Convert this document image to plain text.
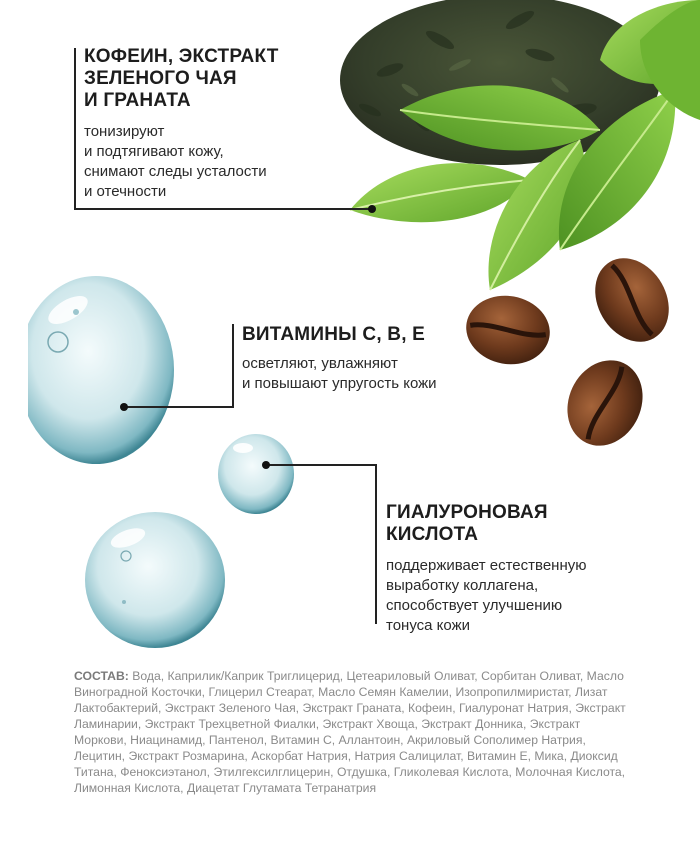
КОФЕИН, ЭКСТРАКТ
ЗЕЛЕНОГО ЧАЯ
И ГРАНАТА
тонизируют
и подтягивают кожу,
снимают следы усталости
и отечности
ВИТАМИНЫ С, В, Е
осветляют, увлажняют
и повышают упругость кожи
ГИАЛУРОНОВАЯ
КИСЛОТА
поддерживает естественную
выработку коллагена,
способствует улучшению
тонуса кожи
СОСТАВ: Вода, Каприлик/Каприк Триглицерид, Цетеариловый Оливат, Сорбитан Оливат, Масло Виноградной Косточки, Глицерил Стеарат, Масло Семян Камелии, Изопропилмиристат, Лизат Лактобактерий, Экстракт Зеленого Чая, Экстракт Граната, Кофеин, Гиалуронат Натрия, Экстракт Ламинарии, Экстракт Трехцветной Фиалки, Экстракт Хвоща, Экстракт Донника, Экстракт Моркови, Ниацинамид, Пантенол, Витамин С, Аллантоин, Акриловый Сополимер Натрия, Лецитин, Экстракт Розмарина, Аскорбат Натрия, Натрия Салицилат, Витамин Е, Мика, Диоксид Титана, Феноксиэтанол, Этилгексилглицерин, Отдушка, Гликолевая Кислота, Молочная Кислота, Лимонная Кислота, Диацетат Глутамата Тетранатрия
